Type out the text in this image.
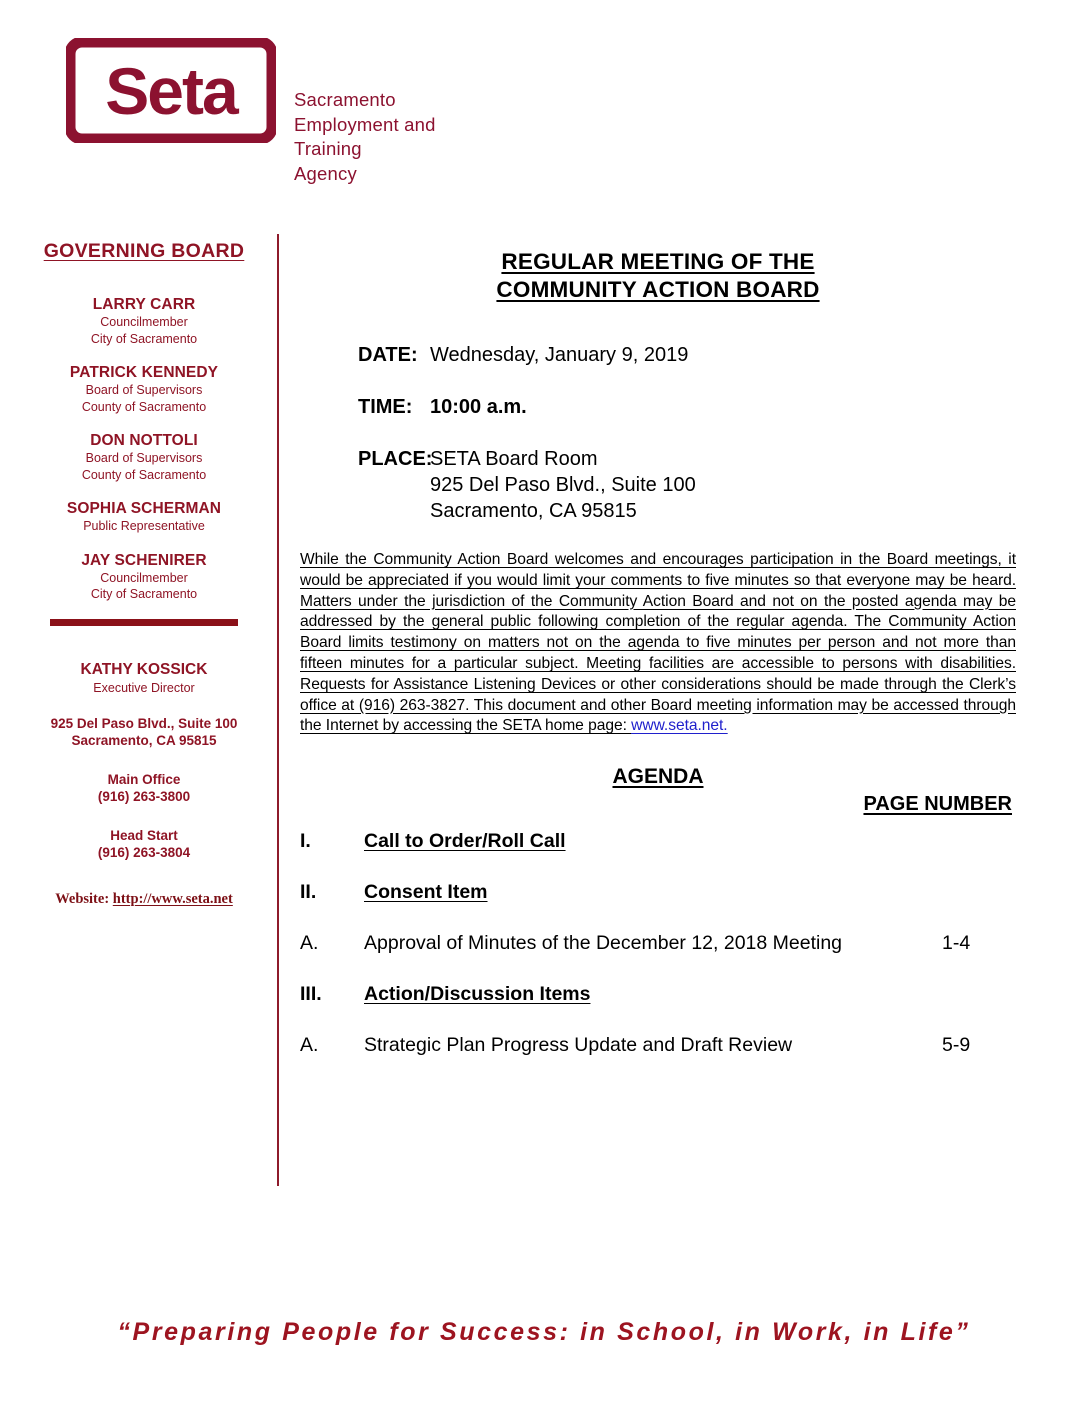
Seta	Sacramento
Employment and
Training
Agency
GOVERNING BOARD
LARRY CARR
Councilmember
City of Sacramento
PATRICK KENNEDY
Board of Supervisors
County of Sacramento
DON NOTTOLI
Board of Supervisors
County of Sacramento
SOPHIA SCHERMAN
Public Representative
JAY SCHENIRER
Councilmember
City of Sacramento
KATHY KOSSICK
Executive Director
925 Del Paso Blvd., Suite 100
Sacramento, CA 95815
Main Office
(916) 263-3800
Head Start
(916) 263-3804
Website: http://www.seta.net
REGULAR MEETING OF THE
COMMUNITY ACTION BOARD
DATE: Wednesday, January 9, 2019
TIME: 10:00 a.m.
PLACE:
SETA Board Room
925 Del Paso Blvd., Suite 100
Sacramento, CA 95815
While the Community Action Board welcomes and encourages participation in the Board meetings, it would be appreciated if you would limit your comments to five minutes so that everyone may be heard. Matters under the jurisdiction of the Community Action Board and not on the posted agenda may be addressed by the general public following completion of the regular agenda. The Community Action Board limits testimony on matters not on the agenda to five minutes per person and not more than fifteen minutes for a particular subject. Meeting facilities are accessible to persons with disabilities. Requests for Assistance Listening Devices or other considerations should be made through the Clerk’s office at (916) 263-3827. This document and other Board meeting information may be accessed through the Internet by accessing the SETA home page: www.seta.net.
AGENDA
PAGE NUMBER
I.	Call to Order/Roll Call
II.	Consent Item
A.	Approval of Minutes of the December 12, 2018 Meeting	1-4
III.	Action/Discussion Items
A.	Strategic Plan Progress Update and Draft Review	5-9
“Preparing People for Success: in School, in Work, in Life”
